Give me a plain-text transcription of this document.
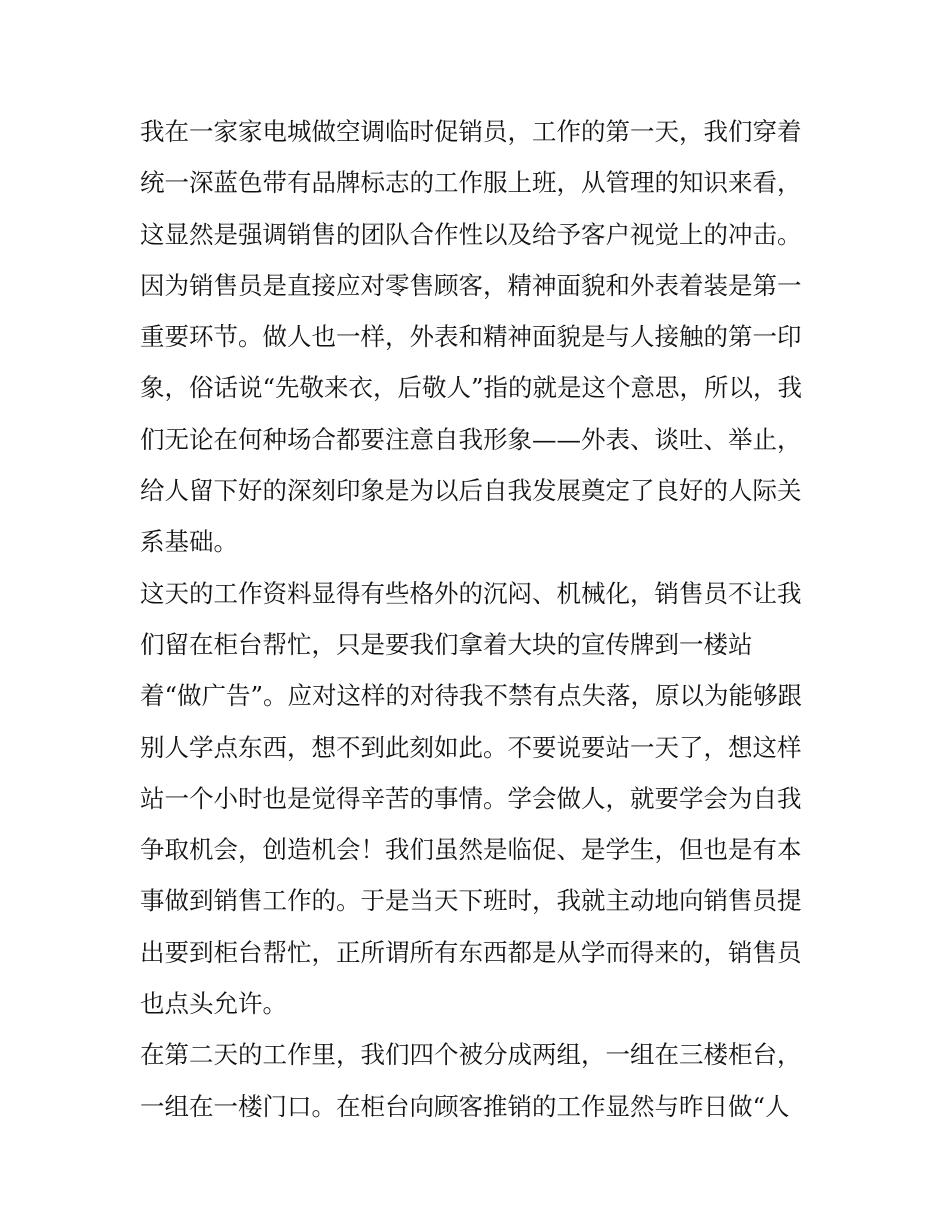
我在一家家电城做空调临时促销员，工作的第一天，我们穿着
统一深蓝色带有品牌标志的工作服上班，从管理的知识来看，
这显然是强调销售的团队合作性以及给予客户视觉上的冲击。
因为销售员是直接应对零售顾客，精神面貌和外表着装是第一
重要环节。做人也一样，外表和精神面貌是与人接触的第一印
象，俗话说“先敬来衣，后敬人”指的就是这个意思，所以，我
们无论在何种场合都要注意自我形象——外表、谈吐、举止，
给人留下好的深刻印象是为以后自我发展奠定了良好的人际关
系基础。
这天的工作资料显得有些格外的沉闷、机械化，销售员不让我
们留在柜台帮忙，只是要我们拿着大块的宣传牌到一楼站
着“做广告”。应对这样的对待我不禁有点失落，原以为能够跟
别人学点东西，想不到此刻如此。不要说要站一天了，想这样
站一个小时也是觉得辛苦的事情。学会做人，就要学会为自我
争取机会，创造机会！我们虽然是临促、是学生，但也是有本
事做到销售工作的。于是当天下班时，我就主动地向销售员提
出要到柜台帮忙，正所谓所有东西都是从学而得来的，销售员
也点头允许。
在第二天的工作里，我们四个被分成两组，一组在三楼柜台，
一组在一楼门口。在柜台向顾客推销的工作显然与昨日做“人
